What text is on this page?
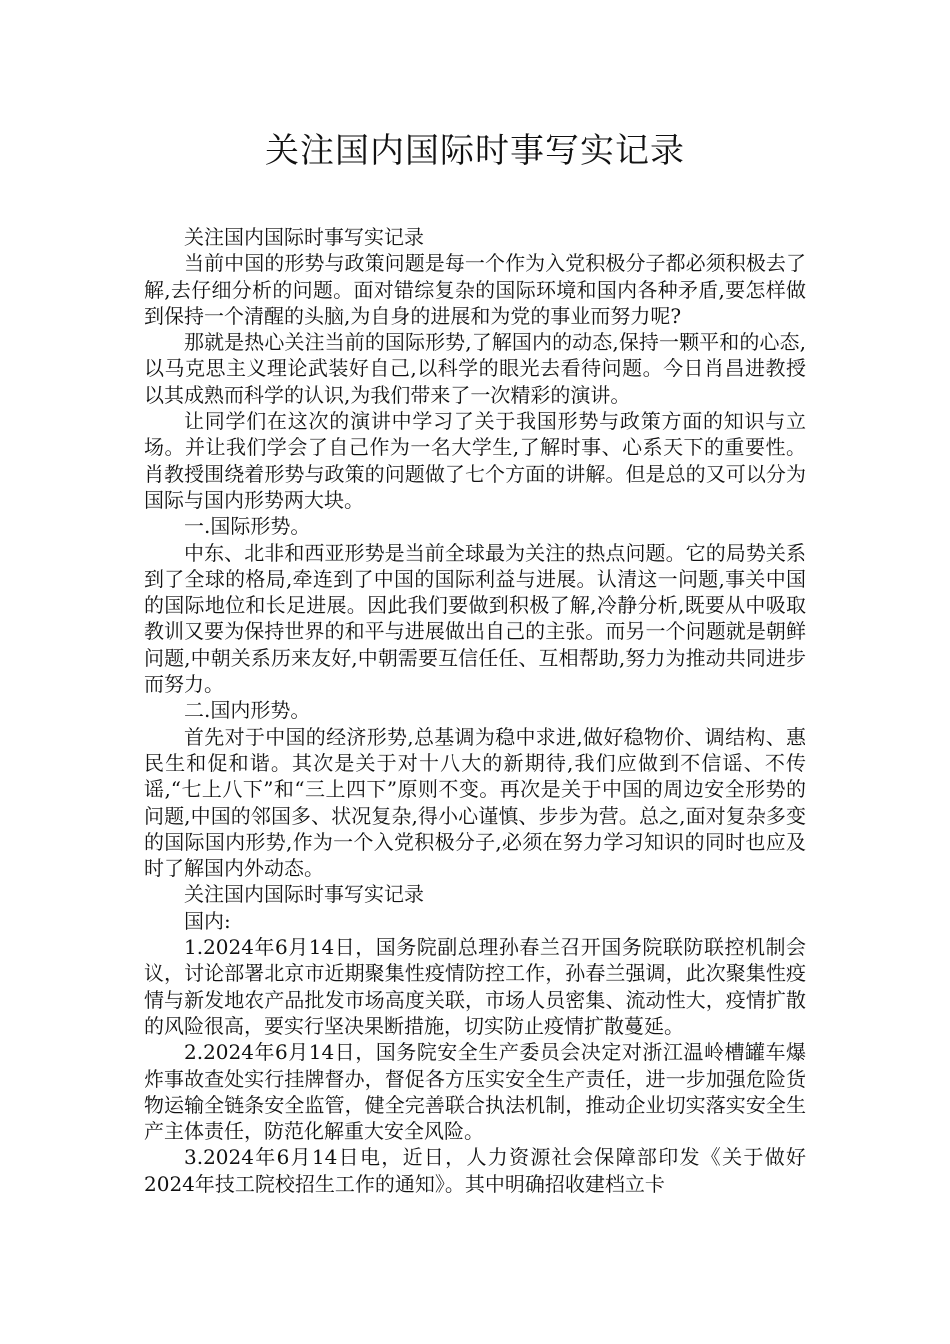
关注国内国际时事写实记录

关注国内国际时事写实记录

当前中国的形势与政策问题是每一个作为入党积极分子都必须积极去了解,去仔细分析的问题。面对错综复杂的国际环境和国内各种矛盾,要怎样做到保持一个清醒的头脑,为自身的进展和为党的事业而努力呢?

那就是热心关注当前的国际形势,了解国内的动态,保持一颗平和的心态,以马克思主义理论武装好自己,以科学的眼光去看待问题。今日肖昌进教授以其成熟而科学的认识,为我们带来了一次精彩的演讲。

让同学们在这次的演讲中学习了关于我国形势与政策方面的知识与立场。并让我们学会了自己作为一名大学生,了解时事、心系天下的重要性。肖教授围绕着形势与政策的问题做了七个方面的讲解。但是总的又可以分为国际与国内形势两大块。

一.国际形势。

中东、北非和西亚形势是当前全球最为关注的热点问题。它的局势关系到了全球的格局,牵连到了中国的国际利益与进展。认清这一问题,事关中国的国际地位和长足进展。因此我们要做到积极了解,冷静分析,既要从中吸取教训又要为保持世界的和平与进展做出自己的主张。而另一个问题就是朝鲜问题,中朝关系历来友好,中朝需要互信任任、互相帮助,努力为推动共同进步而努力。

二.国内形势。

首先对于中国的经济形势,总基调为稳中求进,做好稳物价、调结构、惠民生和促和谐。其次是关于对十八大的新期待,我们应做到不信谣、不传谣,“七上八下”和“三上四下”原则不变。再次是关于中国的周边安全形势的问题,中国的邻国多、状况复杂,得小心谨慎、步步为营。总之,面对复杂多变的国际国内形势,作为一个入党积极分子,必须在努力学习知识的同时也应及时了解国内外动态。

关注国内国际时事写实记录

国内:

1.2024年6月14日，国务院副总理孙春兰召开国务院联防联控机制会议，讨论部署北京市近期聚集性疫情防控工作，孙春兰强调，此次聚集性疫情与新发地农产品批发市场高度关联，市场人员密集、流动性大，疫情扩散的风险很高，要实行坚决果断措施，切实防止疫情扩散蔓延。

2.2024年6月14日，国务院安全生产委员会决定对浙江温岭槽罐车爆炸事故查处实行挂牌督办，督促各方压实安全生产责任，进一步加强危险货物运输全链条安全监管，健全完善联合执法机制，推动企业切实落实安全生产主体责任，防范化解重大安全风险。

3.2024年6月14日电，近日，人力资源社会保障部印发《关于做好2024年技工院校招生工作的通知》。其中明确招收建档立卡
